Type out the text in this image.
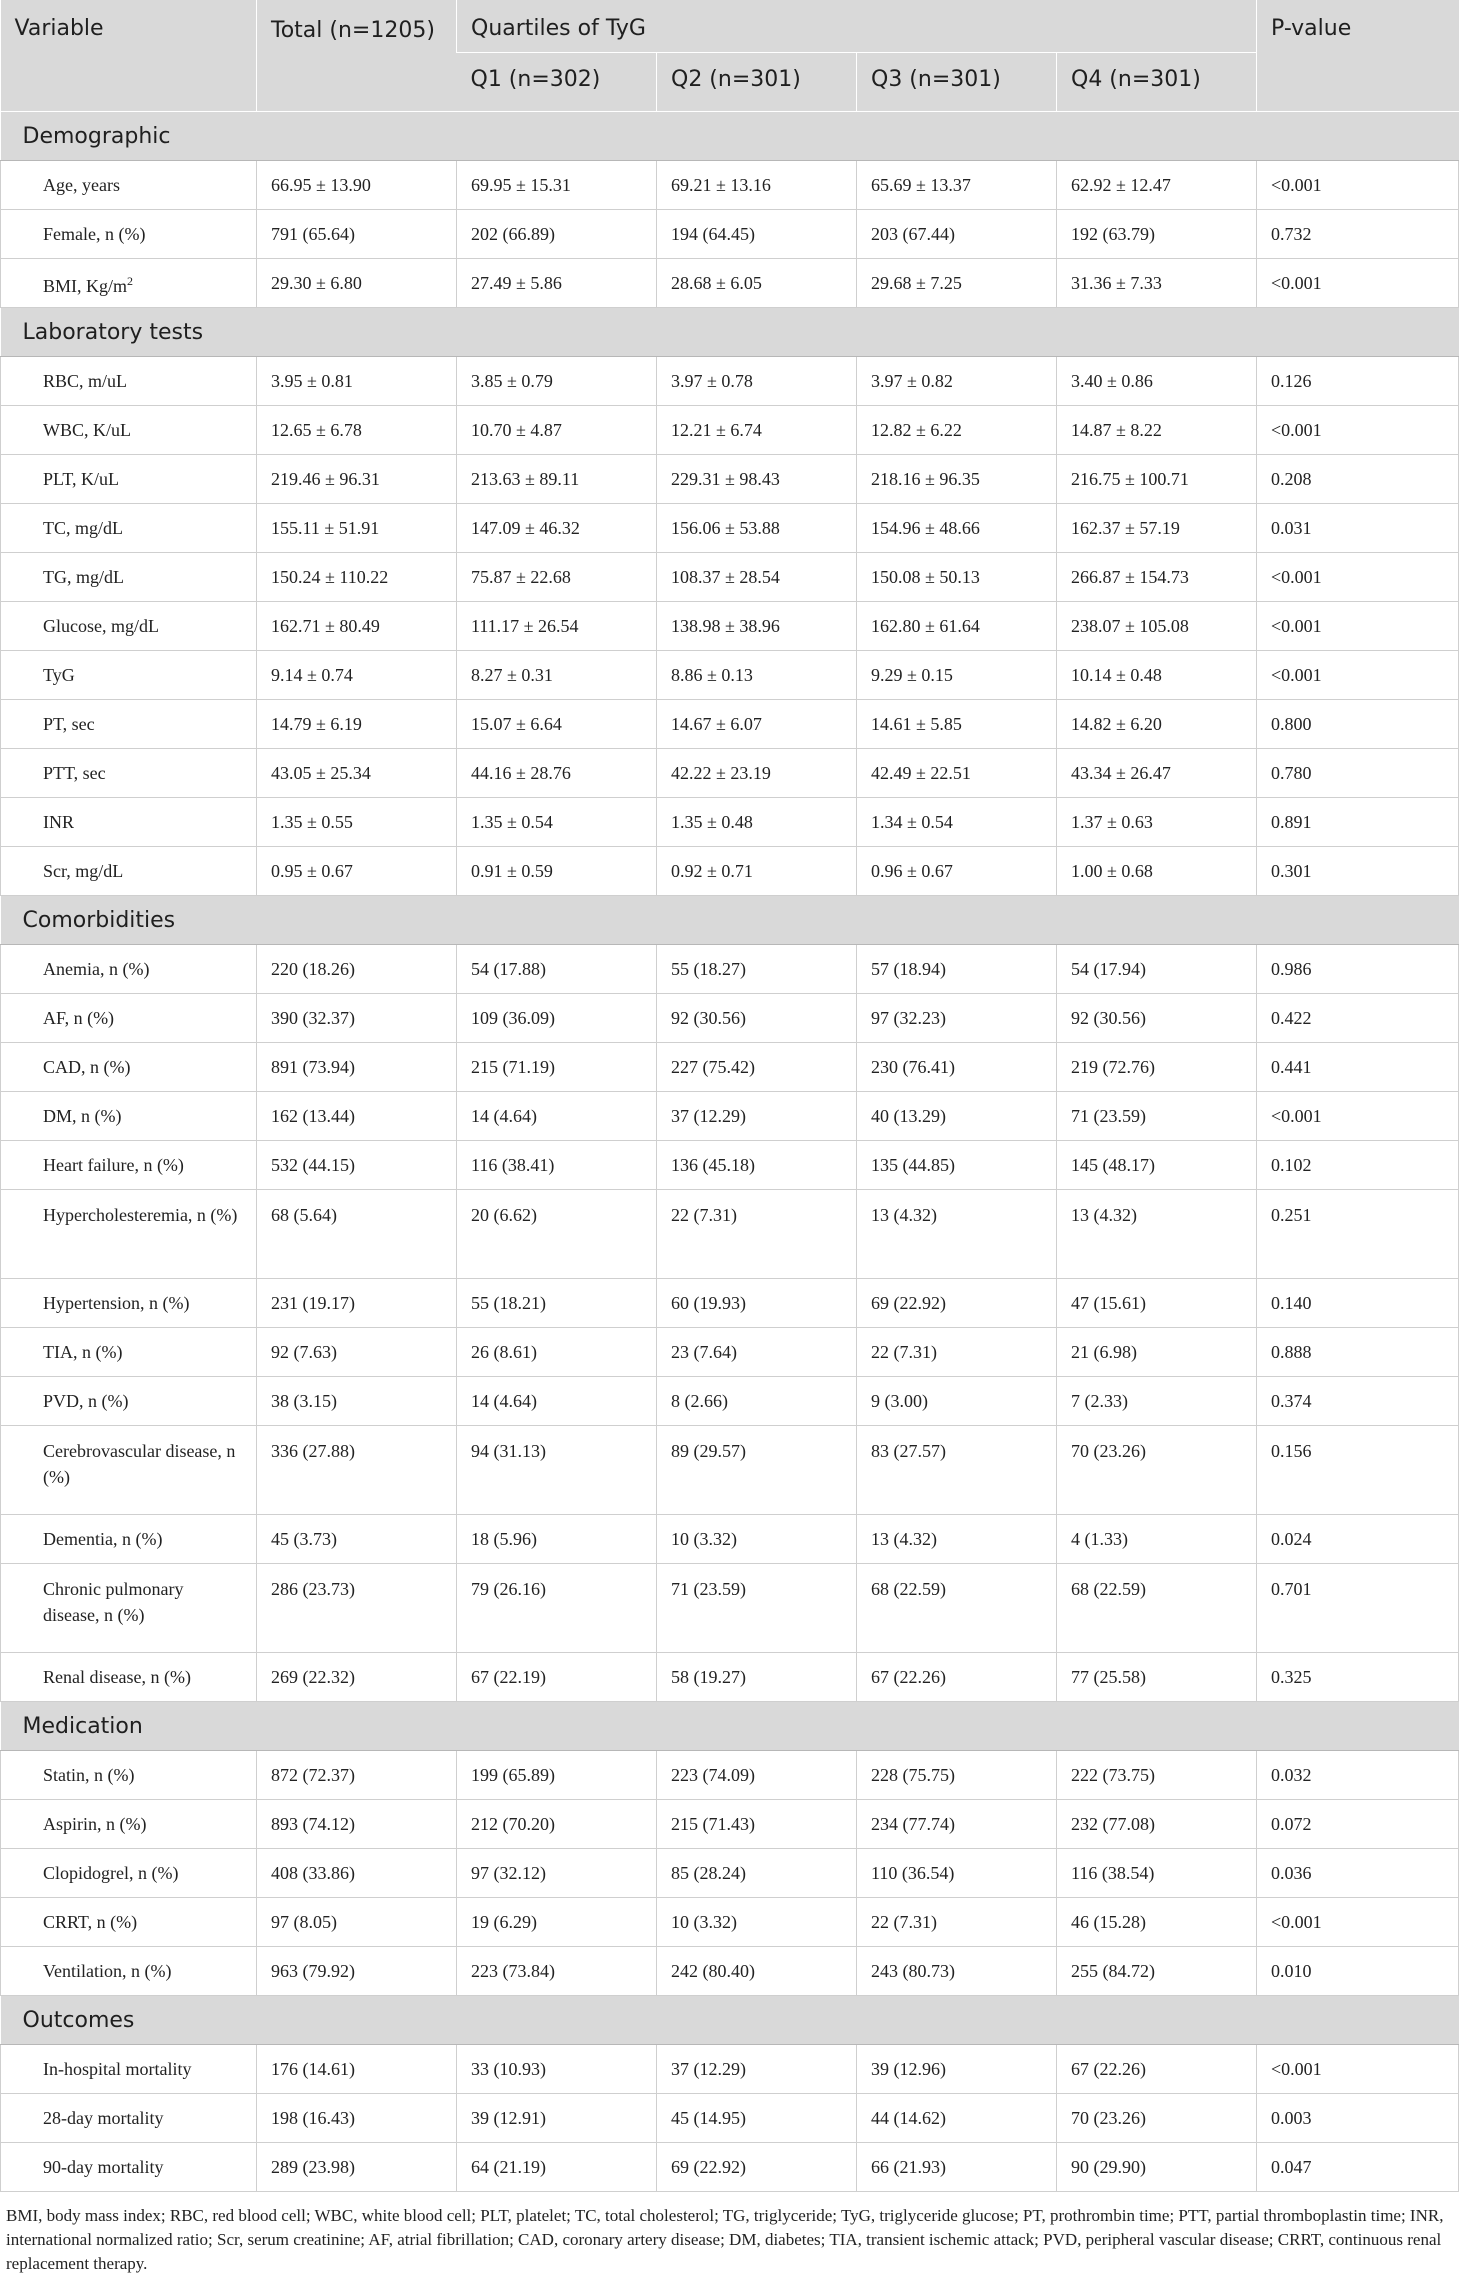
Variable	Total (n=1205)	Quartiles of TyG				P-value
		Q1 (n=302)	Q2 (n=301)	Q3 (n=301)	Q4 (n=301)	
Demographic						
Age, years	66.95 ± 13.90	69.95 ± 15.31	69.21 ± 13.16	65.69 ± 13.37	62.92 ± 12.47	<0.001
Female, n (%)	791 (65.64)	202 (66.89)	194 (64.45)	203 (67.44)	192 (63.79)	0.732
BMI, $Kg/m^2$	29.30 ± 6.80	27.49 ± 5.86	28.68 ± 6.05	29.68 ± 7.25	31.36 ± 7.33	<0.001
Laboratory tests						
RBC, m/uL	3.95 ± 0.81	3.85 ± 0.79	3.97 ± 0.78	3.97 ± 0.82	3.40 ± 0.86	0.126
WBC, K/uL	12.65 ± 6.78	10.70 ± 4.87	12.21 ± 6.74	12.82 ± 6.22	14.87 ± 8.22	<0.001
PLT, K/uL	219.46 ± 96.31	213.63 ± 89.11	229.31 ± 98.43	218.16 ± 96.35	216.75 ± 100.71	0.208
TC, mg/dL	155.11 ± 51.91	147.09 ± 46.32	156.06 ± 53.88	154.96 ± 48.66	162.37 ± 57.19	0.031
TG, mg/dL	150.24 ± 110.22	75.87 ± 22.68	108.37 ± 28.54	150.08 ± 50.13	266.87 ± 154.73	<0.001
Glucose, mg/dL	162.71 ± 80.49	111.17 ± 26.54	138.98 ± 38.96	162.80 ± 61.64	238.07 ± 105.08	<0.001
TyG	9.14 ± 0.74	8.27 ± 0.31	8.86 ± 0.13	9.29 ± 0.15	10.14 ± 0.48	<0.001
PT, sec	14.79 ± 6.19	15.07 ± 6.64	14.67 ± 6.07	14.61 ± 5.85	14.82 ± 6.20	0.800
PTT, sec	43.05 ± 25.34	44.16 ± 28.76	42.22 ± 23.19	42.49 ± 22.51	43.34 ± 26.47	0.780
INR	1.35 ± 0.55	1.35 ± 0.54	1.35 ± 0.48	1.34 ± 0.54	1.37 ± 0.63	0.891
Scr, mg/dL	0.95 ± 0.67	0.91 ± 0.59	0.92 ± 0.71	0.96 ± 0.67	1.00 ± 0.68	0.301
Comorbidities						
Anemia, n (%)	220 (18.26)	54 (17.88)	55 (18.27)	57 (18.94)	54 (17.94)	0.986
AF, n (%)	390 (32.37)	109 (36.09)	92 (30.56)	97 (32.23)	92 (30.56)	0.422
CAD, n (%)	891 (73.94)	215 (71.19)	227 (75.42)	230 (76.41)	219 (72.76)	0.441
DM, n (%)	162 (13.44)	14 (4.64)	37 (12.29)	40 (13.29)	71 (23.59)	<0.001
Heart failure, n (%)	532 (44.15)	116 (38.41)	136 (45.18)	135 (44.85)	145 (48.17)	0.102
Hypercholesteremia, n (%)	68 (5.64)	20 (6.62)	22 (7.31)	13 (4.32)	13 (4.32)	0.251
Hypertension, n (%)	231 (19.17)	55 (18.21)	60 (19.93)	69 (22.92)	47 (15.61)	0.140
TIA, n (%)	92 (7.63)	26 (8.61)	23 (7.64)	22 (7.31)	21 (6.98)	0.888
PVD, n (%)	38 (3.15)	14 (4.64)	8 (2.66)	9 (3.00)	7 (2.33)	0.374
Cerebrovascular disease, n (%)	336 (27.88)	94 (31.13)	89 (29.57)	83 (27.57)	70 (23.26)	0.156
Dementia, n (%)	45 (3.73)	18 (5.96)	10 (3.32)	13 (4.32)	4 (1.33)	0.024
Chronic pulmonary disease, n (%)	286 (23.73)	79 (26.16)	71 (23.59)	68 (22.59)	68 (22.59)	0.701
Renal disease, n (%)	269 (22.32)	67 (22.19)	58 (19.27)	67 (22.26)	77 (25.58)	0.325
Medication						
Statin, n (%)	872 (72.37)	199 (65.89)	223 (74.09)	228 (75.75)	222 (73.75)	0.032
Aspirin, n (%)	893 (74.12)	212 (70.20)	215 (71.43)	234 (77.74)	232 (77.08)	0.072
Clopidogrel, n (%)	408 (33.86)	97 (32.12)	85 (28.24)	110 (36.54)	116 (38.54)	0.036
CRRT, n (%)	97 (8.05)	19 (6.29)	10 (3.32)	22 (7.31)	46 (15.28)	<0.001
Ventilation, n (%)	963 (79.92)	223 (73.84)	242 (80.40)	243 (80.73)	255 (84.72)	0.010
Outcomes						
In-hospital mortality	176 (14.61)	33 (10.93)	37 (12.29)	39 (12.96)	67 (22.26)	<0.001
28-day mortality	198 (16.43)	39 (12.91)	45 (14.95)	44 (14.62)	70 (23.26)	0.003
90-day mortality	289 (23.98)	64 (21.19)	69 (22.92)	66 (21.93)	90 (29.90)	0.047
BMI, body mass index; RBC, red blood cell; WBC, white blood cell; PLT, platelet; TC, total cholesterol; TG, triglyceride; TyG, triglyceride glucose; PT, prothrombin time; PTT, partial thromboplastin time; INR, international normalized ratio; Scr, serum creatinine; AF, atrial fibrillation; CAD, coronary artery disease; DM, diabetes; TIA, transient ischemic attack; PVD, peripheral vascular disease; CRRT, continuous renal replacement therapy.
